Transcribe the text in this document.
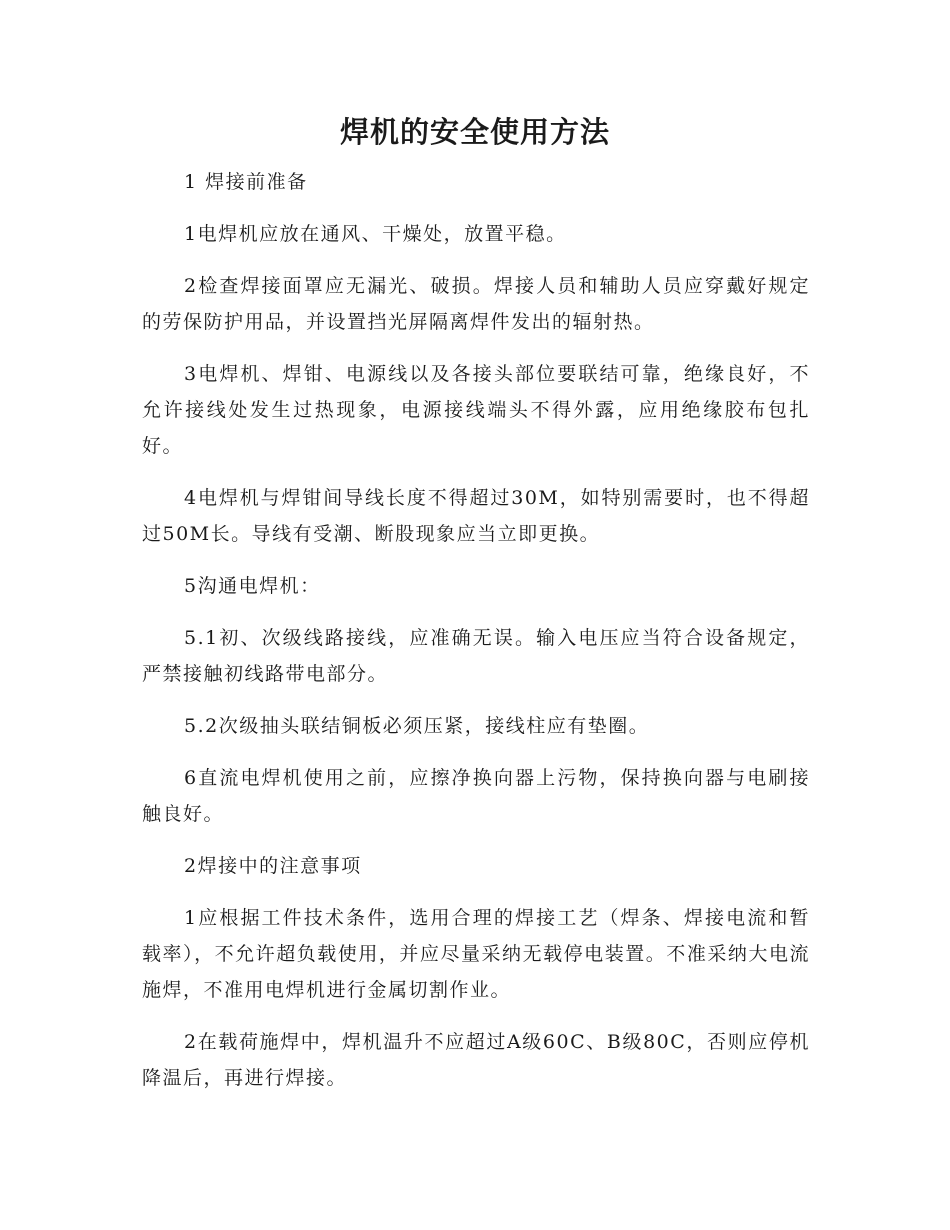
焊机的安全使用方法

1 焊接前准备

1电焊机应放在通风、干燥处，放置平稳。

2检查焊接面罩应无漏光、破损。焊接人员和辅助人员应穿戴好规定的劳保防护用品，并设置挡光屏隔离焊件发出的辐射热。

3电焊机、焊钳、电源线以及各接头部位要联结可靠，绝缘良好，不允许接线处发生过热现象，电源接线端头不得外露，应用绝缘胶布包扎好。

4电焊机与焊钳间导线长度不得超过30M，如特别需要时，也不得超过50M长。导线有受潮、断股现象应当立即更换。

5沟通电焊机：

5.1初、次级线路接线，应准确无误。输入电压应当符合设备规定，严禁接触初线路带电部分。

5.2次级抽头联结铜板必须压紧，接线柱应有垫圈。

6直流电焊机使用之前，应擦净换向器上污物，保持换向器与电刷接触良好。

2焊接中的注意事项

1应根据工件技术条件，选用合理的焊接工艺（焊条、焊接电流和暂载率），不允许超负载使用，并应尽量采纳无载停电装置。不准采纳大电流施焊，不准用电焊机进行金属切割作业。

2在载荷施焊中，焊机温升不应超过A级60C、B级80C，否则应停机降温后，再进行焊接。
